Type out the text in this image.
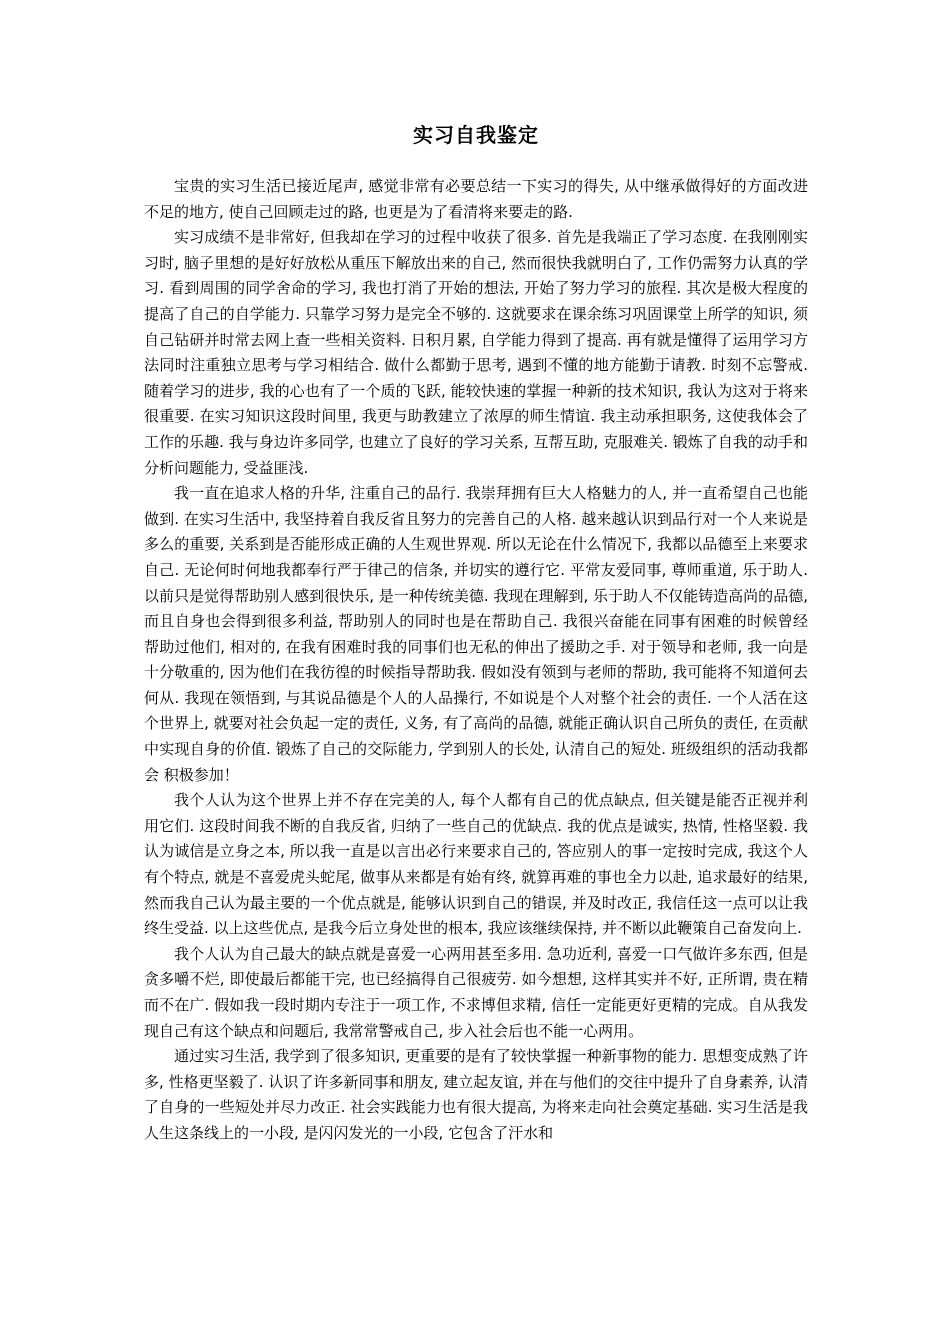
实习自我鉴定

宝贵的实习生活已接近尾声, 感觉非常有必要总结一下实习的得失, 从中继承做得好的方面改进不足的地方, 使自己回顾走过的路, 也更是为了看清将来要走的路.

实习成绩不是非常好, 但我却在学习的过程中收获了很多. 首先是我端正了学习态度. 在我刚刚实习时, 脑子里想的是好好放松从重压下解放出来的自己, 然而很快我就明白了, 工作仍需努力认真的学习. 看到周围的同学舍命的学习, 我也打消了开始的想法, 开始了努力学习的旅程. 其次是极大程度的提高了自己的自学能力. 只靠学习努力是完全不够的. 这就要求在课余练习巩固课堂上所学的知识, 须自己钻研并时常去网上查一些相关资料. 日积月累, 自学能力得到了提高. 再有就是懂得了运用学习方法同时注重独立思考与学习相结合. 做什么都勤于思考, 遇到不懂的地方能勤于请教. 时刻不忘警戒. 随着学习的进步, 我的心也有了一个质的飞跃, 能较快速的掌握一种新的技术知识, 我认为这对于将来很重要. 在实习知识这段时间里, 我更与助教建立了浓厚的师生情谊. 我主动承担职务, 这使我体会了工作的乐趣. 我与身边许多同学, 也建立了良好的学习关系, 互帮互助, 克服难关. 锻炼了自我的动手和分析问题能力, 受益匪浅.

我一直在追求人格的升华, 注重自己的品行. 我崇拜拥有巨大人格魅力的人, 并一直希望自己也能做到. 在实习生活中, 我坚持着自我反省且努力的完善自己的人格. 越来越认识到品行对一个人来说是多么的重要, 关系到是否能形成正确的人生观世界观. 所以无论在什么情况下, 我都以品德至上来要求自己. 无论何时何地我都奉行严于律己的信条, 并切实的遵行它. 平常友爱同事, 尊师重道, 乐于助人. 以前只是觉得帮助别人感到很快乐, 是一种传统美德. 我现在理解到, 乐于助人不仅能铸造高尚的品德, 而且自身也会得到很多利益, 帮助别人的同时也是在帮助自己. 我很兴奋能在同事有困难的时候曾经帮助过他们, 相对的, 在我有困难时我的同事们也无私的伸出了援助之手. 对于领导和老师, 我一向是十分敬重的, 因为他们在我彷徨的时候指导帮助我. 假如没有领到与老师的帮助, 我可能将不知道何去何从. 我现在领悟到, 与其说品德是个人的人品操行, 不如说是个人对整个社会的责任. 一个人活在这个世界上, 就要对社会负起一定的责任, 义务, 有了高尚的品德, 就能正确认识自己所负的责任, 在贡献中实现自身的价值. 锻炼了自己的交际能力, 学到别人的长处, 认清自己的短处. 班级组织的活动我都会 积极参加！

我个人认为这个世界上并不存在完美的人, 每个人都有自己的优点缺点, 但关键是能否正视并利用它们. 这段时间我不断的自我反省, 归纳了一些自己的优缺点. 我的优点是诚实, 热情, 性格坚毅. 我认为诚信是立身之本, 所以我一直是以言出必行来要求自己的, 答应别人的事一定按时完成, 我这个人有个特点, 就是不喜爱虎头蛇尾, 做事从来都是有始有终, 就算再难的事也全力以赴, 追求最好的结果, 然而我自己认为最主要的一个优点就是, 能够认识到自己的错误, 并及时改正, 我信任这一点可以让我终生受益. 以上这些优点, 是我今后立身处世的根本, 我应该继续保持, 并不断以此鞭策自己奋发向上.

我个人认为自己最大的缺点就是喜爱一心两用甚至多用. 急功近利, 喜爱一口气做许多东西, 但是贪多嚼不烂, 即使最后都能干完, 也已经搞得自己很疲劳. 如今想想, 这样其实并不好, 正所谓, 贵在精而不在广. 假如我一段时期内专注于一项工作, 不求博但求精, 信任一定能更好更精的完成。自从我发现自己有这个缺点和问题后, 我常常警戒自己, 步入社会后也不能一心两用。

通过实习生活, 我学到了很多知识, 更重要的是有了较快掌握一种新事物的能力. 思想变成熟了许多, 性格更坚毅了. 认识了许多新同事和朋友, 建立起友谊, 并在与他们的交往中提升了自身素养, 认清了自身的一些短处并尽力改正. 社会实践能力也有很大提高, 为将来走向社会奠定基础. 实习生活是我人生这条线上的一小段, 是闪闪发光的一小段, 它包含了汗水和
